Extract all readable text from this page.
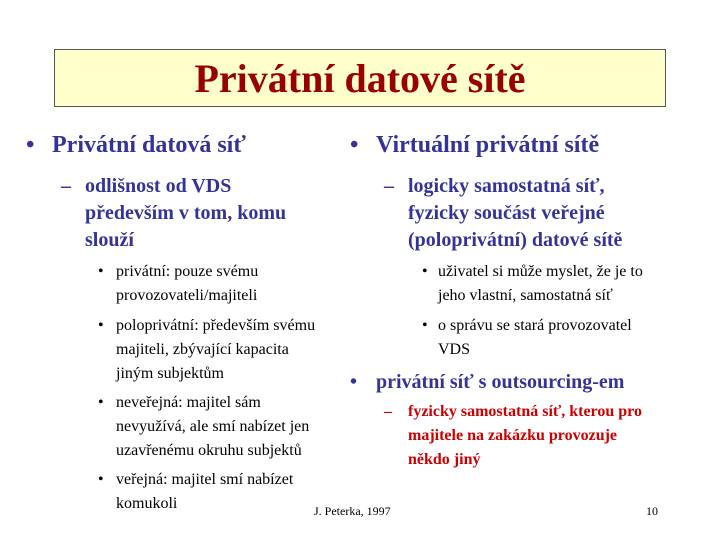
Privátní datové sítě
• Privátní datová síť
– odlišnost od VDS
především v tom, komu
slouží
• privátní: pouze svému
provozovateli/majiteli
• poloprivátní: především svému
majiteli, zbývající kapacita
jiným subjektům
• neveřejná: majitel sám
nevyužívá, ale smí nabízet jen
uzavřenému okruhu subjektů
• veřejná: majitel smí nabízet
komukoli
• Virtuální privátní sítě
– logicky samostatná síť,
fyzicky součást veřejné
(poloprivátní) datové sítě
• uživatel si může myslet, že je to
jeho vlastní, samostatná síť
• o správu se stará provozovatel
VDS
• privátní síť s outsourcing-em
– fyzicky samostatná síť, kterou pro
majitele na zakázku provozuje
někdo jiný
J. Peterka, 1997	10
